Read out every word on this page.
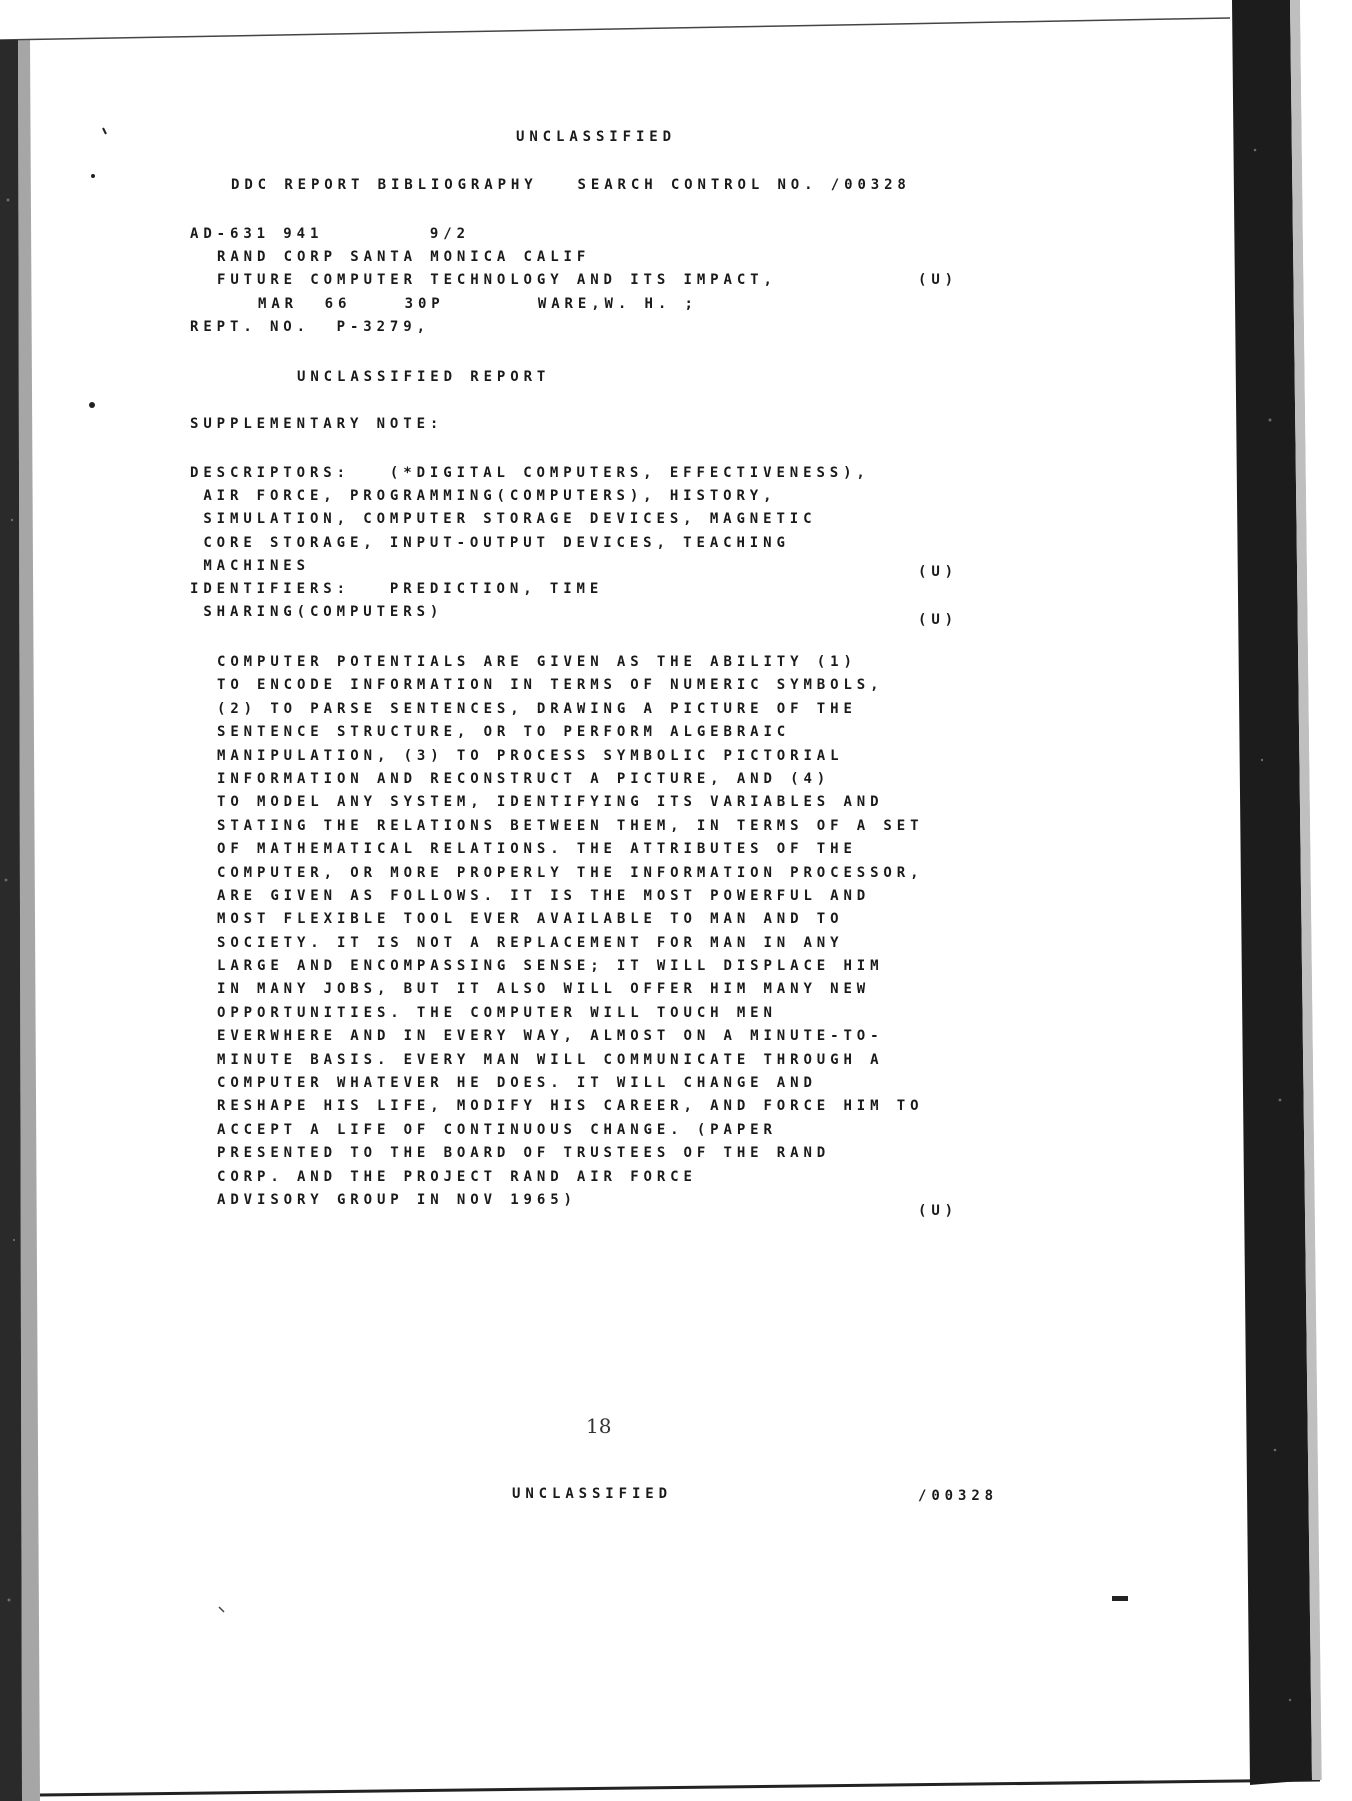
UNCLASSIFIED
DDC REPORT BIBLIOGRAPHY   SEARCH CONTROL NO. /00328
AD-631 941        9/2
RAND CORP SANTA MONICA CALIF
FUTURE COMPUTER TECHNOLOGY AND ITS IMPACT,	(U)
MAR  66    30P       WARE,W. H. ;
REPT. NO.  P-3279,
UNCLASSIFIED REPORT
SUPPLEMENTARY NOTE:
DESCRIPTORS:   (*DIGITAL COMPUTERS, EFFECTIVENESS),
AIR FORCE, PROGRAMMING(COMPUTERS), HISTORY,
SIMULATION, COMPUTER STORAGE DEVICES, MAGNETIC
CORE STORAGE, INPUT-OUTPUT DEVICES, TEACHING
MACHINES
IDENTIFIERS:   PREDICTION, TIME
SHARING(COMPUTERS)
(U)
(U)
COMPUTER POTENTIALS ARE GIVEN AS THE ABILITY (1)
TO ENCODE INFORMATION IN TERMS OF NUMERIC SYMBOLS,
(2) TO PARSE SENTENCES, DRAWING A PICTURE OF THE
SENTENCE STRUCTURE, OR TO PERFORM ALGEBRAIC
MANIPULATION, (3) TO PROCESS SYMBOLIC PICTORIAL
INFORMATION AND RECONSTRUCT A PICTURE, AND (4)
TO MODEL ANY SYSTEM, IDENTIFYING ITS VARIABLES AND
STATING THE RELATIONS BETWEEN THEM, IN TERMS OF A SET
OF MATHEMATICAL RELATIONS. THE ATTRIBUTES OF THE
COMPUTER, OR MORE PROPERLY THE INFORMATION PROCESSOR,
ARE GIVEN AS FOLLOWS. IT IS THE MOST POWERFUL AND
MOST FLEXIBLE TOOL EVER AVAILABLE TO MAN AND TO
SOCIETY. IT IS NOT A REPLACEMENT FOR MAN IN ANY
LARGE AND ENCOMPASSING SENSE; IT WILL DISPLACE HIM
IN MANY JOBS, BUT IT ALSO WILL OFFER HIM MANY NEW
OPPORTUNITIES. THE COMPUTER WILL TOUCH MEN
EVERWHERE AND IN EVERY WAY, ALMOST ON A MINUTE-TO-
MINUTE BASIS. EVERY MAN WILL COMMUNICATE THROUGH A
COMPUTER WHATEVER HE DOES. IT WILL CHANGE AND
RESHAPE HIS LIFE, MODIFY HIS CAREER, AND FORCE HIM TO
ACCEPT A LIFE OF CONTINUOUS CHANGE. (PAPER
PRESENTED TO THE BOARD OF TRUSTEES OF THE RAND
CORP. AND THE PROJECT RAND AIR FORCE
ADVISORY GROUP IN NOV 1965)
(U)
18
UNCLASSIFIED	/00328
